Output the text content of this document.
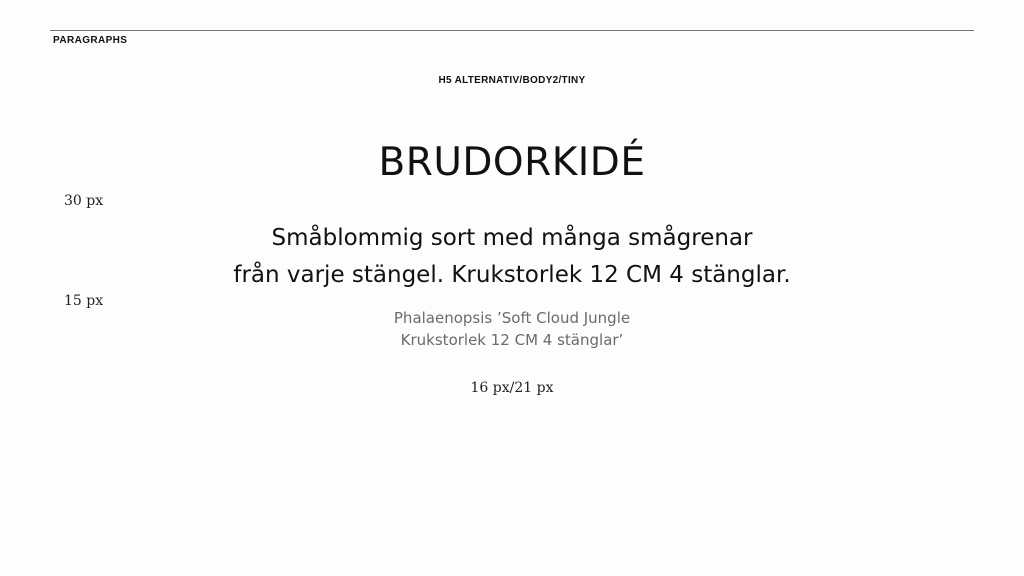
PARAGRAPHS
H5 ALTERNATIV/BODY2/TINY
BRUDORKIDÉ
30 px
Småblommig sort med många smågrenar
från varje stängel. Krukstorlek 12 CM 4 stänglar.
15 px
Phalaenopsis ’Soft Cloud Jungle
Krukstorlek 12 CM 4 stänglar’
16 px/21 px
